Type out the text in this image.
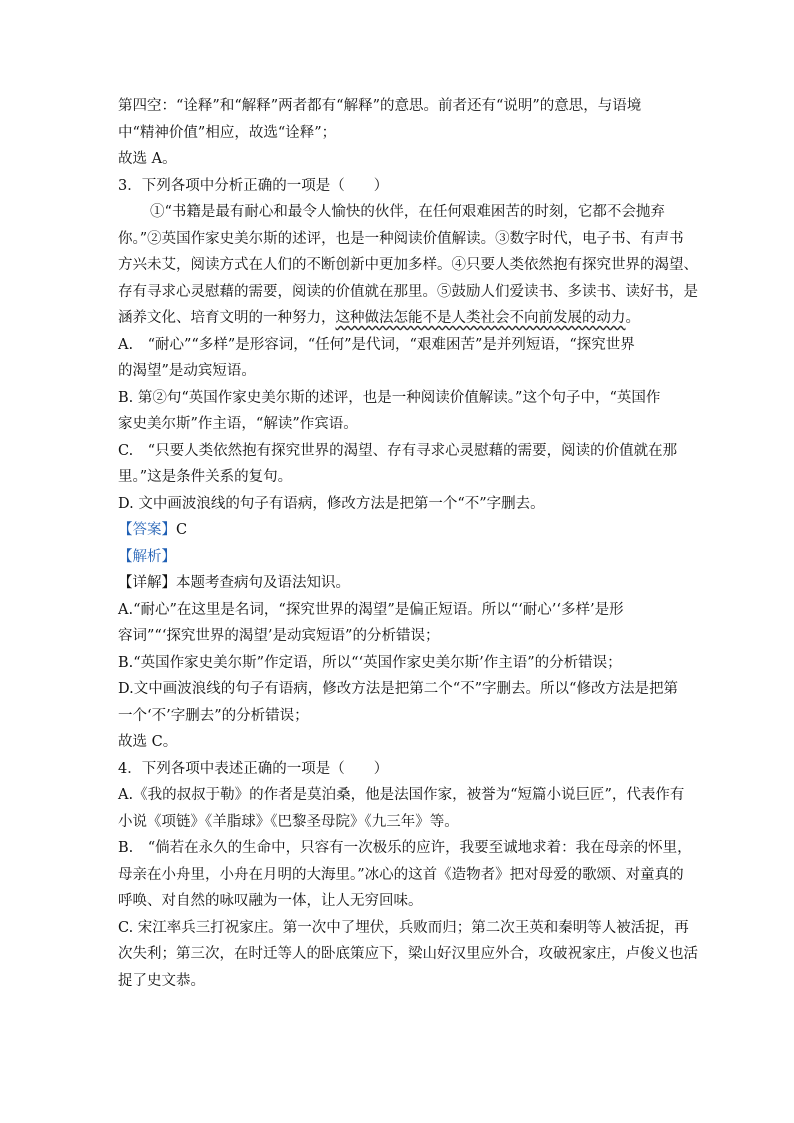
第四空：“诠释”和“解释”两者都有“解释”的意思。前者还有“说明”的意思，与语境
中“精神价值”相应，故选“诠释”；
故选 A。
3．下列各项中分析正确的一项是（　　）
①“书籍是最有耐心和最令人愉快的伙伴，在任何艰难困苦的时刻，它都不会抛弃
你。”②英国作家史美尔斯的述评，也是一种阅读价值解读。③数字时代，电子书、有声书
方兴未艾，阅读方式在人们的不断创新中更加多样。④只要人类依然抱有探究世界的渴望、
存有寻求心灵慰藉的需要，阅读的价值就在那里。⑤鼓励人们爱读书、多读书、读好书，是
涵养文化、培育文明的一种努力，这种做法怎能不是人类社会不向前发展的动力。
A.　“耐心”“多样”是形容词，“任何”是代词，“艰难困苦”是并列短语，“探究世界
的渴望”是动宾短语。
B. 第②句“英国作家史美尔斯的述评，也是一种阅读价值解读。”这个句子中，“英国作
家史美尔斯”作主语，“解读”作宾语。
C.　“只要人类依然抱有探究世界的渴望、存有寻求心灵慰藉的需要，阅读的价值就在那
里。”这是条件关系的复句。
D. 文中画波浪线的句子有语病，修改方法是把第一个“不”字删去。
【答案】C
【解析】
【详解】本题考查病句及语法知识。
A.“耐心”在这里是名词，“探究世界的渴望”是偏正短语。所以“‘耐心’‘多样’是形
容词”“‘探究世界的渴望’是动宾短语”的分析错误；
B.“英国作家史美尔斯”作定语，所以“‘英国作家史美尔斯’作主语”的分析错误；
D.文中画波浪线的句子有语病，修改方法是把第二个“不”字删去。所以“修改方法是把第
一个‘不’字删去”的分析错误；
故选 C。
4．下列各项中表述正确的一项是（　　）
A.《我的叔叔于勒》的作者是莫泊桑，他是法国作家，被誉为“短篇小说巨匠”，代表作有
小说《项链》《羊脂球》《巴黎圣母院》《九三年》等。
B.　“倘若在永久的生命中，只容有一次极乐的应许，我要至诚地求着：我在母亲的怀里，
母亲在小舟里，小舟在月明的大海里。”冰心的这首《造物者》把对母爱的歌颂、对童真的
呼唤、对自然的咏叹融为一体，让人无穷回味。
C. 宋江率兵三打祝家庄。第一次中了埋伏，兵败而归；第二次王英和秦明等人被活捉，再
次失利；第三次，在时迁等人的卧底策应下，梁山好汉里应外合，攻破祝家庄，卢俊义也活
捉了史文恭。
